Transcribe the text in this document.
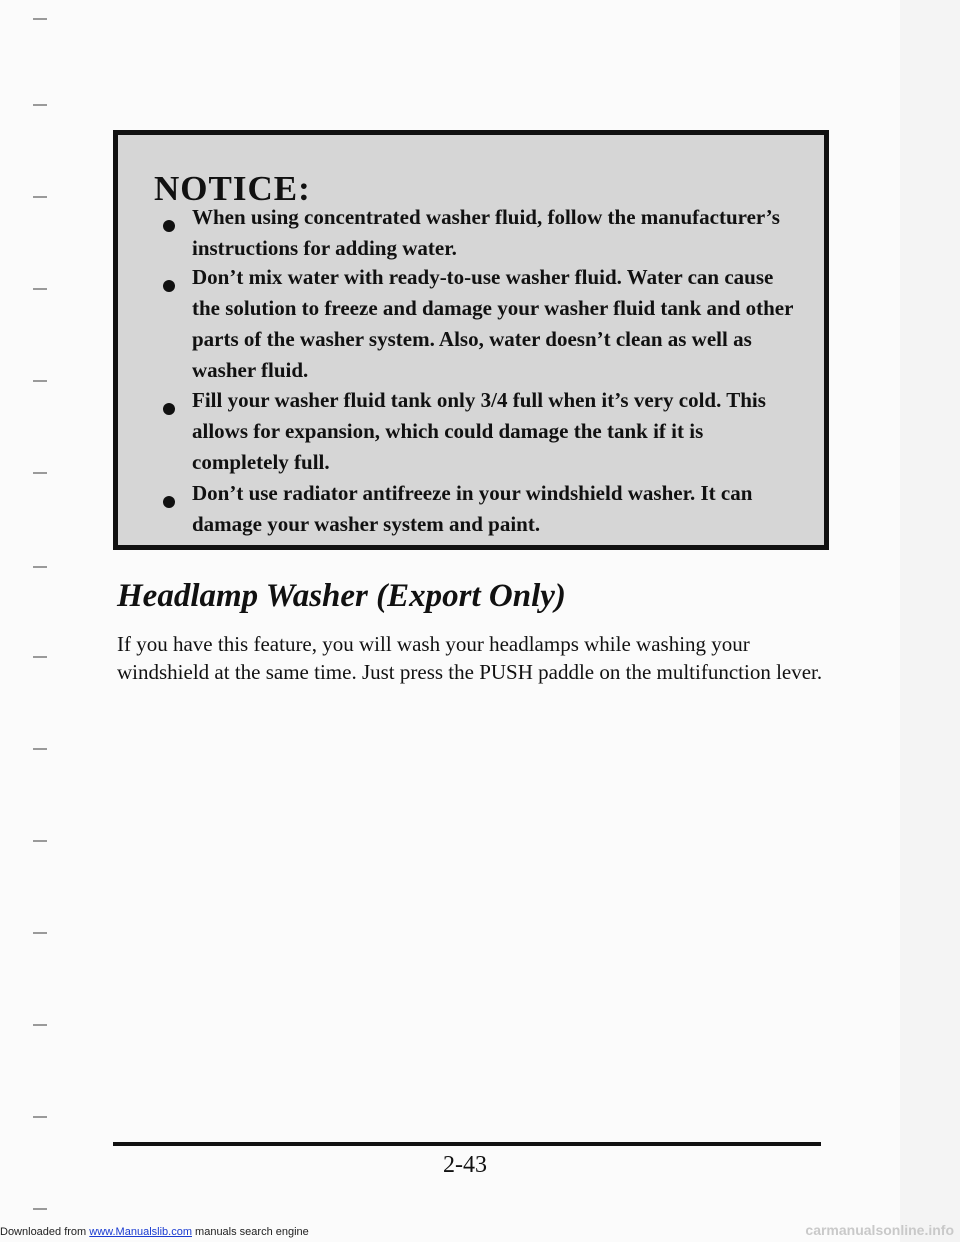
NOTICE:
When using concentrated washer fluid, follow the manufacturer’s instructions for adding water.
Don’t mix water with ready-to-use washer fluid. Water can cause the solution to freeze and damage your washer fluid tank and other parts of the washer system. Also, water doesn’t clean as well as washer fluid.
Fill your washer fluid tank only 3/4 full when it’s very cold. This allows for expansion, which could damage the tank if it is completely full.
Don’t use radiator antifreeze in your windshield washer. It can damage your washer system and paint.
Headlamp Washer (Export Only)
If you have this feature, you will wash your headlamps while washing your windshield at the same time. Just press the PUSH paddle on the multifunction lever.
2-43
Downloaded from www.Manualslib.com manuals search engine	carmanualsonline.info
